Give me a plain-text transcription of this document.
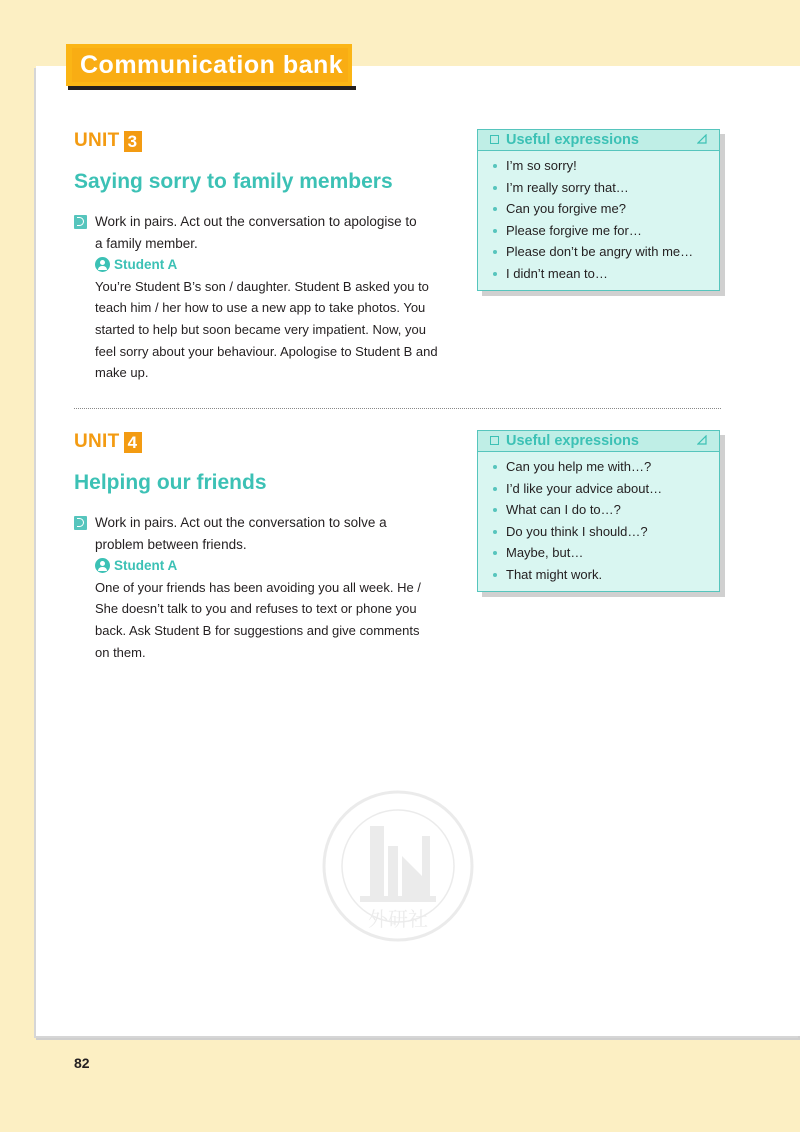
Communication bank
UNIT 3
Saying sorry to family members
Work in pairs. Act out the conversation to apologise to
a family member.
Student A
You’re Student B’s son / daughter. Student B asked you to
teach him / her how to use a new app to take photos. You
started to help but soon became very impatient. Now, you
feel sorry about your behaviour. Apologise to Student B and
make up.
Useful expressions
I’m so sorry!
I’m really sorry that…
Can you forgive me?
Please forgive me for…
Please don’t be angry with me…
I didn’t mean to…
UNIT 4
Helping our friends
Work in pairs. Act out the conversation to solve a
problem between friends.
Student A
One of your friends has been avoiding you all week. He /
She doesn’t talk to you and refuses to text or phone you
back. Ask Student B for suggestions and give comments
on them.
Useful expressions
Can you help me with…?
I’d like your advice about…
What can I do to…?
Do you think I should…?
Maybe, but…
That might work.
外研社
82
